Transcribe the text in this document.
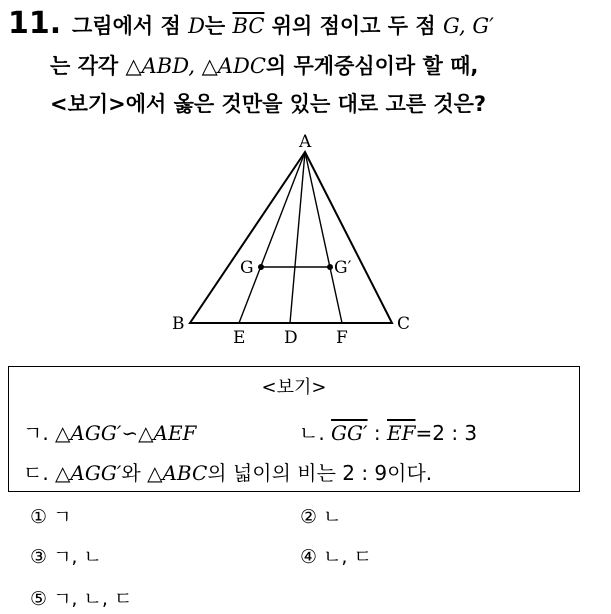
11. 그림에서 점 D는 $\overline{BC}$ 위의 점이고 두 점 G, G′
는 각각 △ABD, △ADC의 무게중심이라 할 때,
<보기>에서 옳은 것만을 있는 대로 고른 것은?
A
B	C
D
E	F
G	G′
<보기>
ㄱ. △AGG′∽△AEF	ㄴ. GG′ : $\overline{EF}=2$ : 3
ㄷ. △AGG′와 △ABC의 넓이의 비는 2 : 9이다.
① ㄱ	② ㄴ
③ ㄱ, ㄴ	④ ㄴ, ㄷ
⑤ ㄱ, ㄴ, ㄷ
